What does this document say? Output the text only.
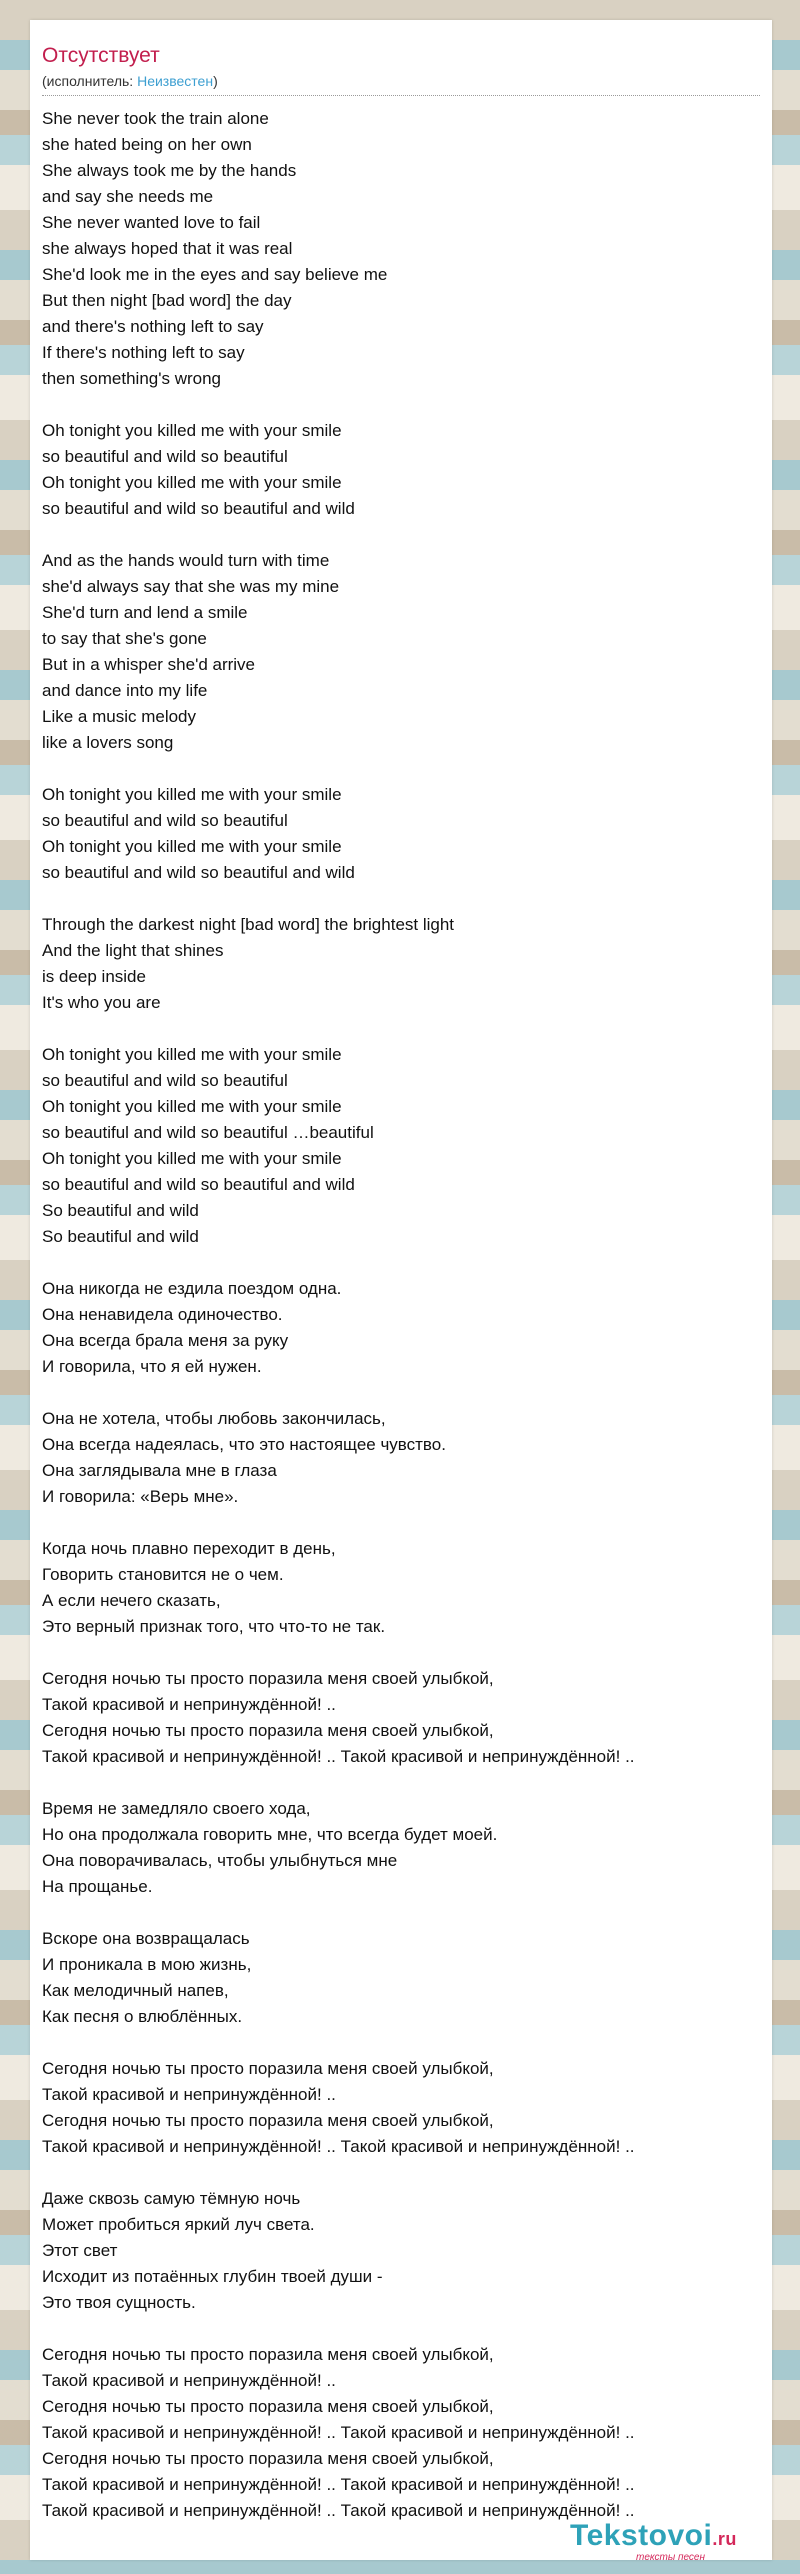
Отсутствует
(исполнитель: Неизвестен)
She never took the train alone
she hated being on her own
She always took me by the hands
and say she needs me
She never wanted love to fail
she always hoped that it was real
She'd look me in the eyes and say believe me
But then night [bad word] the day
and there's nothing left to say
If there's nothing left to say
then something's wrong
Oh tonight you killed me with your smile
so beautiful and wild so beautiful
Oh tonight you killed me with your smile
so beautiful and wild so beautiful and wild
And as the hands would turn with time
she'd always say that she was my mine
She'd turn and lend a smile
to say that she's gone
But in a whisper she'd arrive
and dance into my life
Like a music melody
like a lovers song
Oh tonight you killed me with your smile
so beautiful and wild so beautiful
Oh tonight you killed me with your smile
so beautiful and wild so beautiful and wild
Through the darkest night [bad word] the brightest light
And the light that shines
is deep inside
It's who you are
Oh tonight you killed me with your smile
so beautiful and wild so beautiful
Oh tonight you killed me with your smile
so beautiful and wild so beautiful …beautiful
Oh tonight you killed me with your smile
so beautiful and wild so beautiful and wild
So beautiful and wild
So beautiful and wild
Она никогда не ездила поездом одна.
Она ненавидела одиночество.
Она всегда брала меня за руку
И говорила, что я ей нужен.
Она не хотела, чтобы любовь закончилась,
Она всегда надеялась, что это настоящее чувство.
Она заглядывала мне в глаза
И говорила: «Верь мне».
Когда ночь плавно переходит в день,
Говорить становится не о чем.
А если нечего сказать,
Это верный признак того, что что-то не так.
Сегодня ночью ты просто поразила меня своей улыбкой,
Такой красивой и непринуждённой! ..
Сегодня ночью ты просто поразила меня своей улыбкой,
Такой красивой и непринуждённой! .. Такой красивой и непринуждённой! ..
Время не замедляло своего хода,
Но она продолжала говорить мне, что всегда будет моей.
Она поворачивалась, чтобы улыбнуться мне
На прощанье.
Вскоре она возвращалась
И проникала в мою жизнь,
Как мелодичный напев,
Как песня о влюблённых.
Сегодня ночью ты просто поразила меня своей улыбкой,
Такой красивой и непринуждённой! ..
Сегодня ночью ты просто поразила меня своей улыбкой,
Такой красивой и непринуждённой! .. Такой красивой и непринуждённой! ..
Даже сквозь самую тёмную ночь
Может пробиться яркий луч света.
Этот свет
Исходит из потаённых глубин твоей души -
Это твоя сущность.
Сегодня ночью ты просто поразила меня своей улыбкой,
Такой красивой и непринуждённой! ..
Сегодня ночью ты просто поразила меня своей улыбкой,
Такой красивой и непринуждённой! .. Такой красивой и непринуждённой! ..
Сегодня ночью ты просто поразила меня своей улыбкой,
Такой красивой и непринуждённой! .. Такой красивой и непринуждённой! ..
Такой красивой и непринуждённой! .. Такой красивой и непринуждённой! ..
Tekstovoi.ru
тексты песен
